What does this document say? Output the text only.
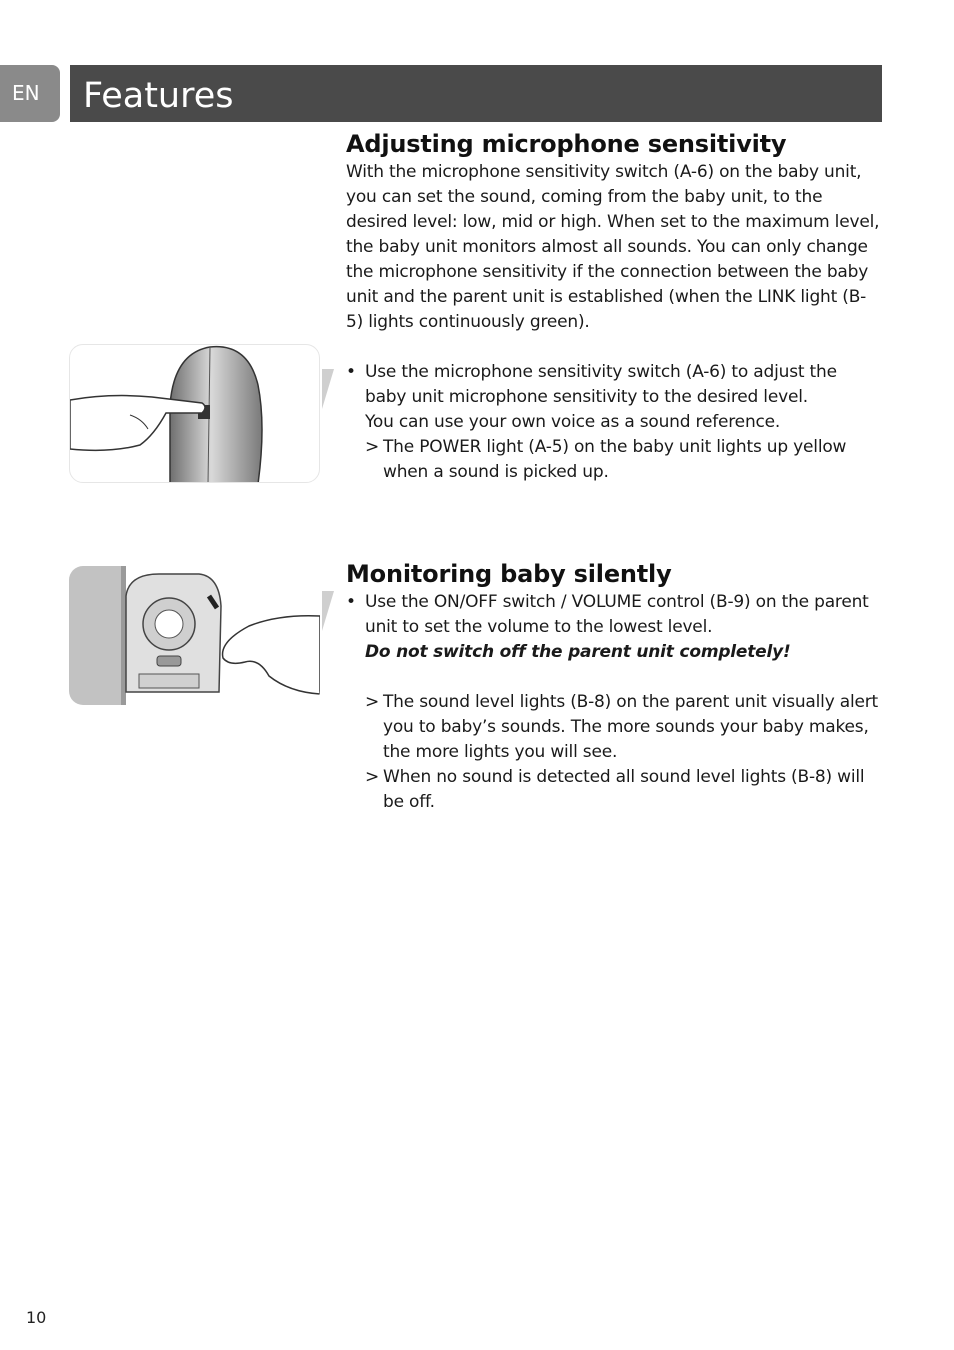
EN	Features
Adjusting microphone sensitivity

With the microphone sensitivity switch (A-6) on the baby unit, you can set the sound, coming from the baby unit, to the desired level: low, mid or high. When set to the maximum level, the baby unit monitors almost all sounds. You can only change the microphone sensitivity if the connection between the baby unit and the parent unit is established (when the LINK light (B-5) lights continuously green).

• Use the microphone sensitivity switch (A-6) to adjust the baby unit microphone sensitivity to the desired level.

You can use your own voice as a sound reference.

> The POWER light (A-5) on the baby unit lights up yellow when a sound is picked up.
Monitoring baby silently
• Use the ON/OFF switch / VOLUME control (B-9) on the parent unit to set the volume to the lowest level.

Do not switch off the parent unit completely!

> The sound level lights (B-8) on the parent unit visually alert you to baby’s sounds. The more sounds your baby makes, the more lights you will see.
> When no sound is detected all sound level lights (B-8) will be off.
10
